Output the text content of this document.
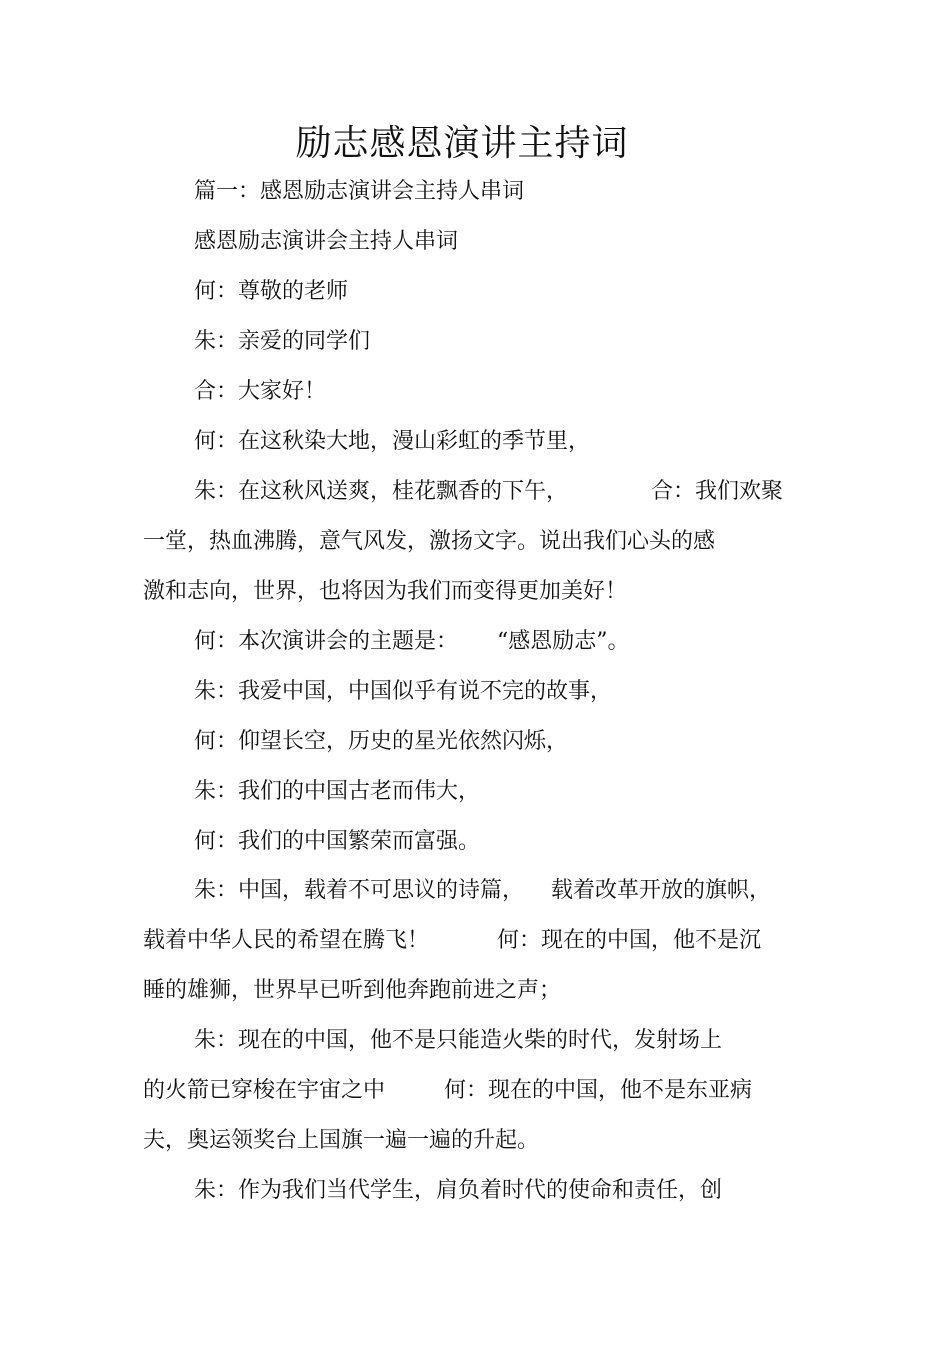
励志感恩演讲主持词
篇一：感恩励志演讲会主持人串词
感恩励志演讲会主持人串词
何：尊敬的老师
朱：亲爱的同学们
合：大家好！
何：在这秋染大地，漫山彩虹的季节里，
朱：在这秋风送爽，桂花飘香的下午，	合：我们欢聚
一堂，热血沸腾，意气风发，激扬文字。说出我们心头的感
激和志向，世界，也将因为我们而变得更加美好！
何：本次演讲会的主题是： “感恩励志”。
朱：我爱中国，中国似乎有说不完的故事，
何：仰望长空，历史的星光依然闪烁，
朱：我们的中国古老而伟大，
何：我们的中国繁荣而富强。
朱：中国，载着不可思议的诗篇， 载着改革开放的旗帜，
载着中华人民的希望在腾飞！	何：现在的中国，他不是沉
睡的雄狮，世界早已听到他奔跑前进之声；
朱：现在的中国，他不是只能造火柴的时代，发射场上
的火箭已穿梭在宇宙之中	何：现在的中国，他不是东亚病
夫，奥运领奖台上国旗一遍一遍的升起。
朱：作为我们当代学生，肩负着时代的使命和责任，创
